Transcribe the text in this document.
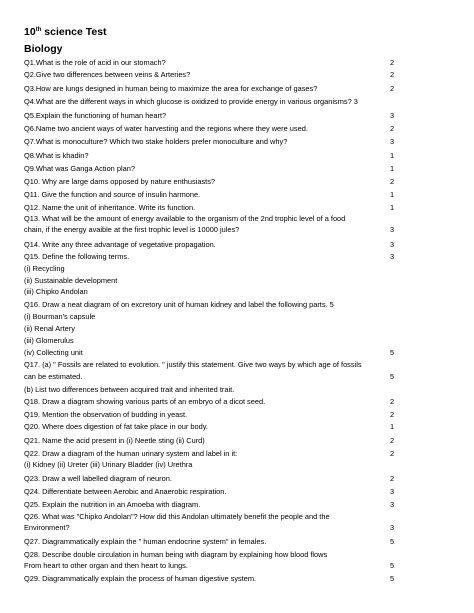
10th science Test
Biology
Q1.What is the role of acid in our stomach?	2
Q2.Give two differences between veins & Arteries?	2
Q3.How are lungs designed in human being to maximize the area for exchange of gases?	2
Q4.What are the different ways in which glucose is oxidized to provide energy in various organisms? 3
Q5.Explain the functioning of human heart?	3
Q6.Name two ancient ways of water harvesting and the regions where they were used.	2
Q7.What is monoculture? Which two stake holders prefer monoculture and why?	3
Q8.What is khadin?	1
Q9.What was Ganga Action plan?	1
Q10. Why are large dams opposed by nature enthusiasts?	2
Q11. Give the function and source of insulin harmone.	1
Q12. Name the unit of inheritance. Write its function.	1
Q13. What will be the amount of energy available to the organism of the 2nd trophic level of a food
chain, if the energy avaible at the first trophic level is 10000 jules?	3
Q14. Write any three advantage of vegetative propagation.	3
Q15. Define the following terms.	3
(i) Recycling
(ii) Sustainable development
(iii) Chipko Andolan
Q16. Draw a neat diagram of on excretory unit of human kidney and label the following parts. 5
(i) Bourman's capsule
(ii) Renal Artery
(iii) Glomerulus
(iv) Collecting unit	5
Q17. (a) " Fossils are related to evolution. " justify this statement. Give two ways by which age of fossils
can be estimated.	5
(b) List two differences between acquired trait and inherited trait.
Q18. Draw a diagram showing various parts of an embryo of a dicot seed.	2
Q19. Mention the observation of budding in yeast.	2
Q20. Where does digestion of fat take place in our body.	1
Q21. Name the acid present in (i) Neetle sting (ii) Curd)	2
Q22. Draw a diagram of the human urinary system and label in it:	2
(i) Kidney (ii) Ureter (iii) Urinary Bladder (iv) Urethra
Q23. Draw a well labelled diagram of neuron.	2
Q24. Differentiate between Aerobic and Anaerobic respiration.	3
Q25. Explain the nutrition in an Amoeba with diagram.	3
Q26. What was "Chipko Andolan"? How did this Andolan ultimately benefit the people and the
Environment?	3
Q27. Diagrammatically explain the " human endocrine system" in females.	5
Q28. Describe double circulation in human being with diagram by explaining how blood flows
From heart to other organ and then heart to lungs.	5
Q29. Diagrammatically explain the process of human digestive system.	5
